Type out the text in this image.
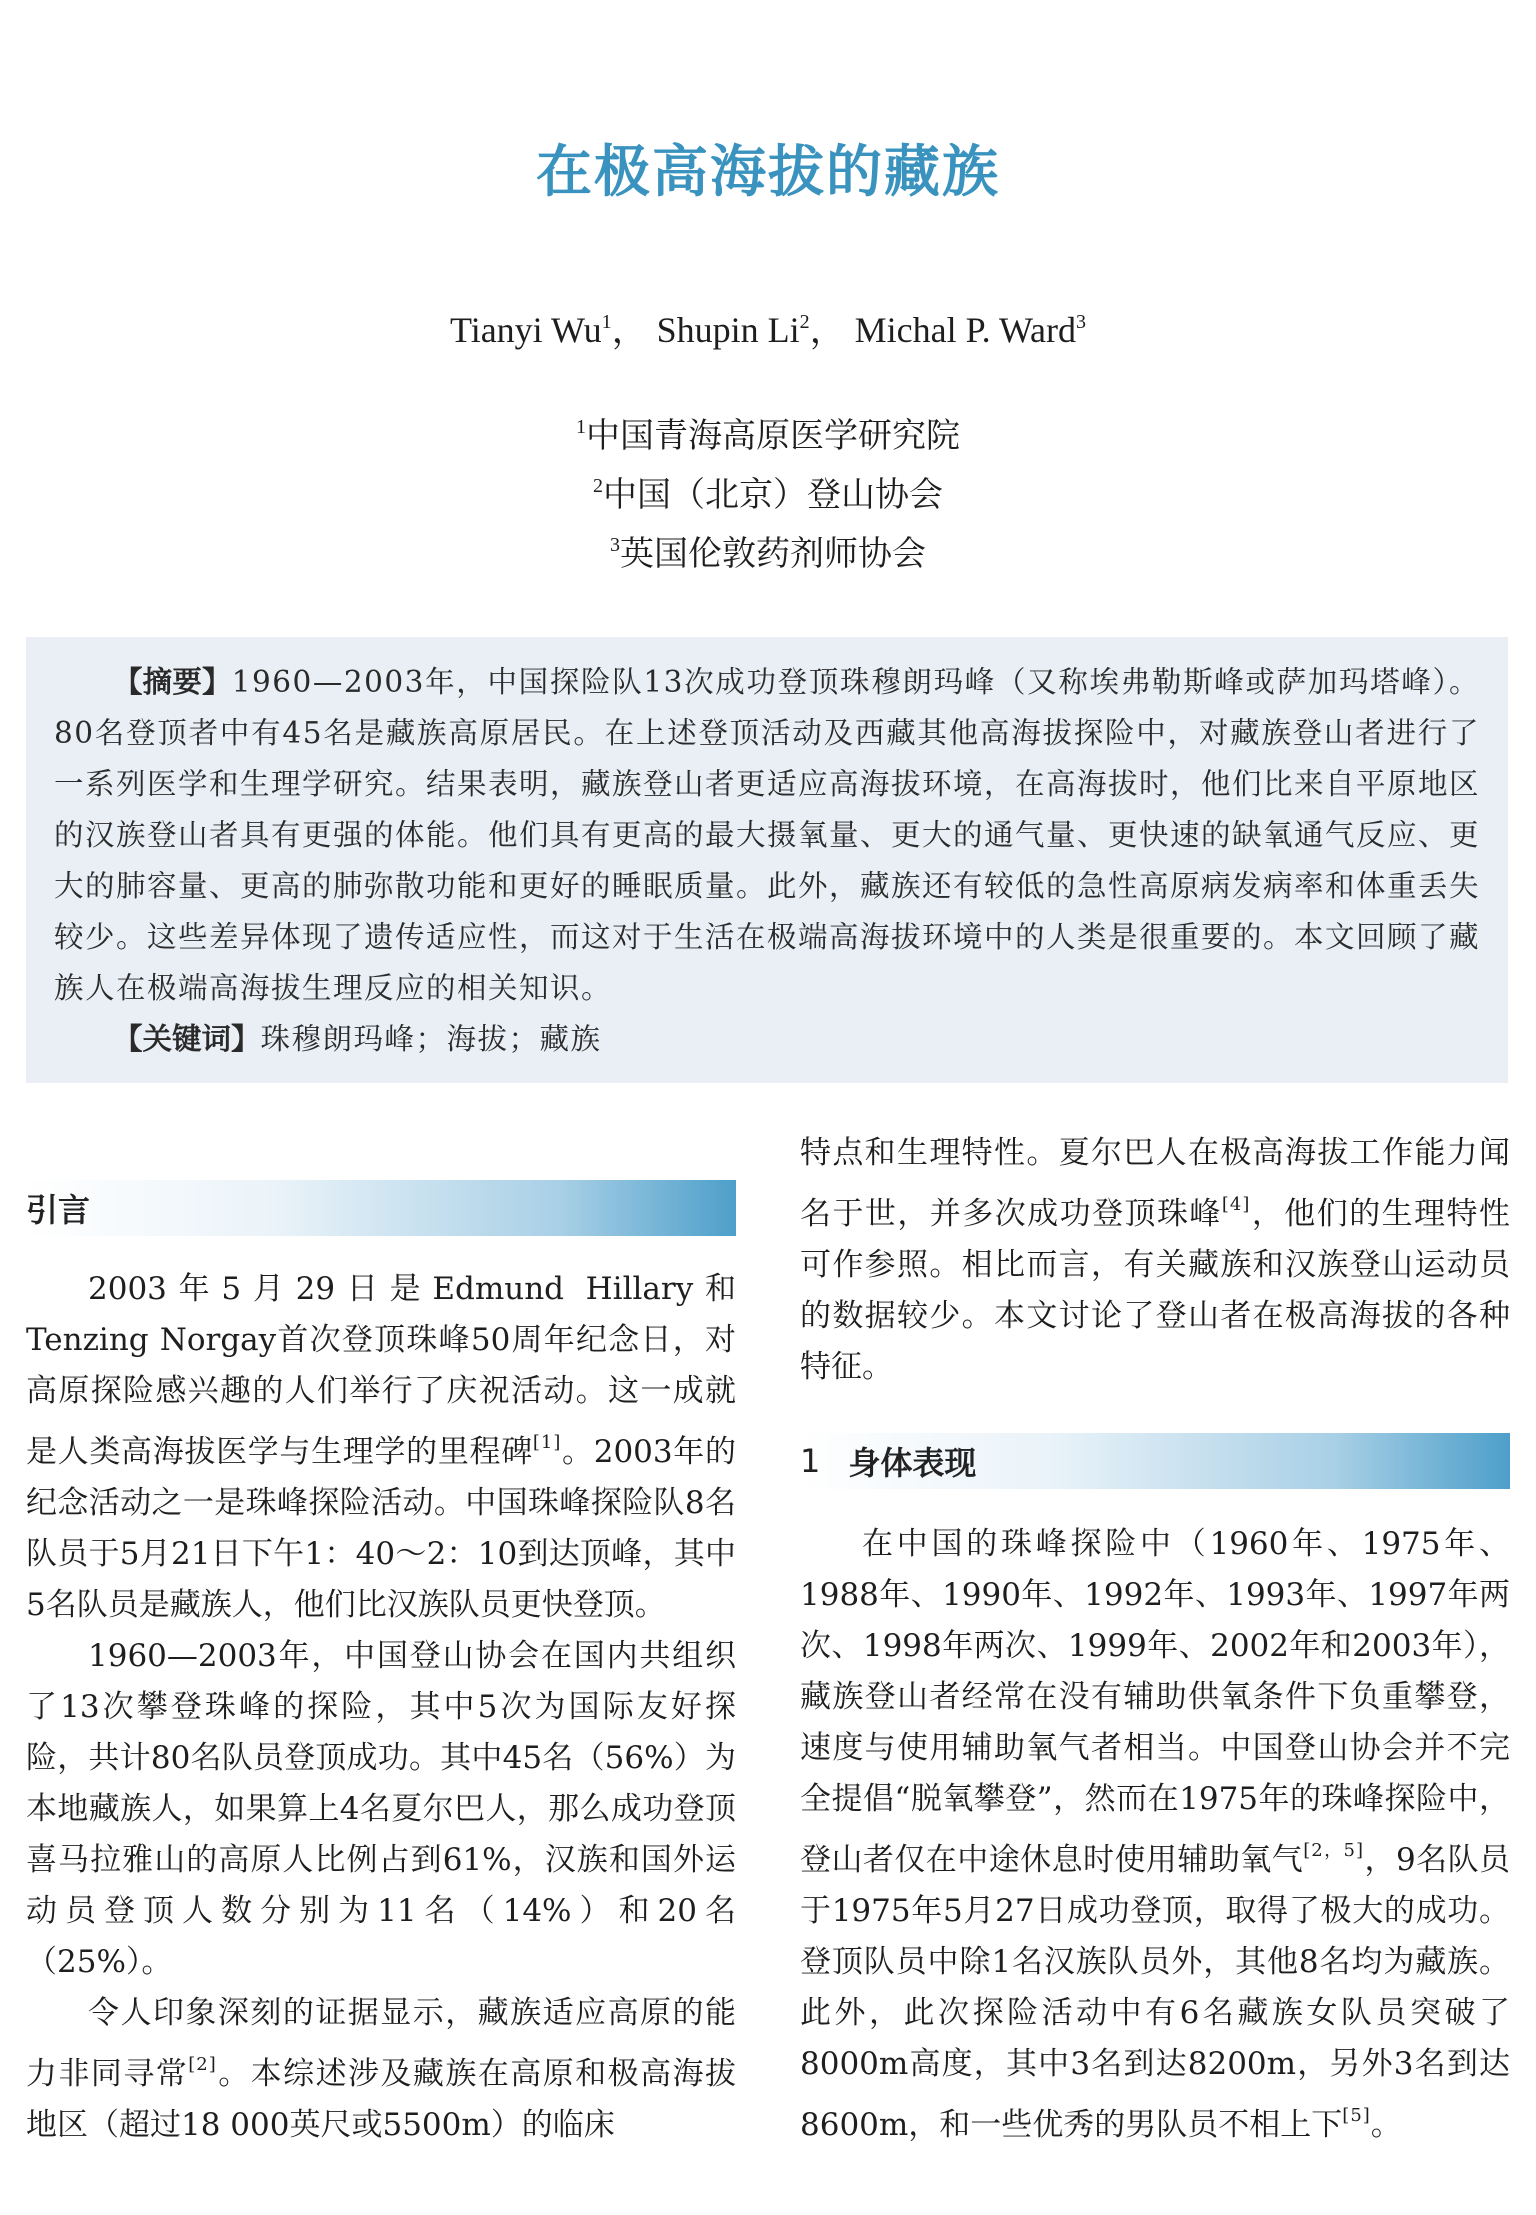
在极高海拔的藏族
Tianyi Wu$^1$， Shupin Li$^2$， Michal P. Ward$^3$
$^1$中国青海高原医学研究院
$^2$中国（北京）登山协会
$^3$英国伦敦药剂师协会

【摘要】1960—2003年，中国探险队13次成功登顶珠穆朗玛峰（又称埃弗勒斯峰或萨加玛塔峰）。80名登顶者中有45名是藏族高原居民。在上述登顶活动及西藏其他高海拔探险中，对藏族登山者进行了一系列医学和生理学研究。结果表明，藏族登山者更适应高海拔环境，在高海拔时，他们比来自平原地区的汉族登山者具有更强的体能。他们具有更高的最大摄氧量、更大的通气量、更快速的缺氧通气反应、更大的肺容量、更高的肺弥散功能和更好的睡眠质量。此外，藏族还有较低的急性高原病发病率和体重丢失较少。这些差异体现了遗传适应性，而这对于生活在极端高海拔环境中的人类是很重要的。本文回顾了藏族人在极端高海拔生理反应的相关知识。

【关键词】珠穆朗玛峰；海拔；藏族

引言

2003年5月29日是Edmund Hillary和Tenzing Norgay首次登顶珠峰50周年纪念日，对高原探险感兴趣的人们举行了庆祝活动。这一成就是人类高海拔医学与生理学的里程碑[1]。2003年的纪念活动之一是珠峰探险活动。中国珠峰探险队8名队员于5月21日下午1：40～2：10到达顶峰，其中5名队员是藏族人，他们比汉族队员更快登顶。

1960—2003年，中国登山协会在国内共组织了13次攀登珠峰的探险，其中5次为国际友好探险，共计80名队员登顶成功。其中45名（56%）为本地藏族人，如果算上4名夏尔巴人，那么成功登顶喜马拉雅山的高原人比例占到61%，汉族和国外运动员登顶人数分别为11名（14%）和20名（25%）。

令人印象深刻的证据显示，藏族适应高原的能力非同寻常[2]。本综述涉及藏族在高原和极高海拔地区（超过18 000英尺或5500m）的临床

特点和生理特性。夏尔巴人在极高海拔工作能力闻名于世，并多次成功登顶珠峰[4]，他们的生理特性可作参照。相比而言，有关藏族和汉族登山运动员的数据较少。本文讨论了登山者在极高海拔的各种特征。

1 身体表现

在中国的珠峰探险中（1960年、1975年、1988年、1990年、1992年、1993年、1997年两次、1998年两次、1999年、2002年和2003年），藏族登山者经常在没有辅助供氧条件下负重攀登，速度与使用辅助氧气者相当。中国登山协会并不完全提倡“脱氧攀登”，然而在1975年的珠峰探险中，登山者仅在中途休息时使用辅助氧气[2，5]，9名队员于1975年5月27日成功登顶，取得了极大的成功。登顶队员中除1名汉族队员外，其他8名均为藏族。此外，此次探险活动中有6名藏族女队员突破了8000m高度，其中3名到达8200m，另外3名到达8600m，和一些优秀的男队员不相上下[5]。
